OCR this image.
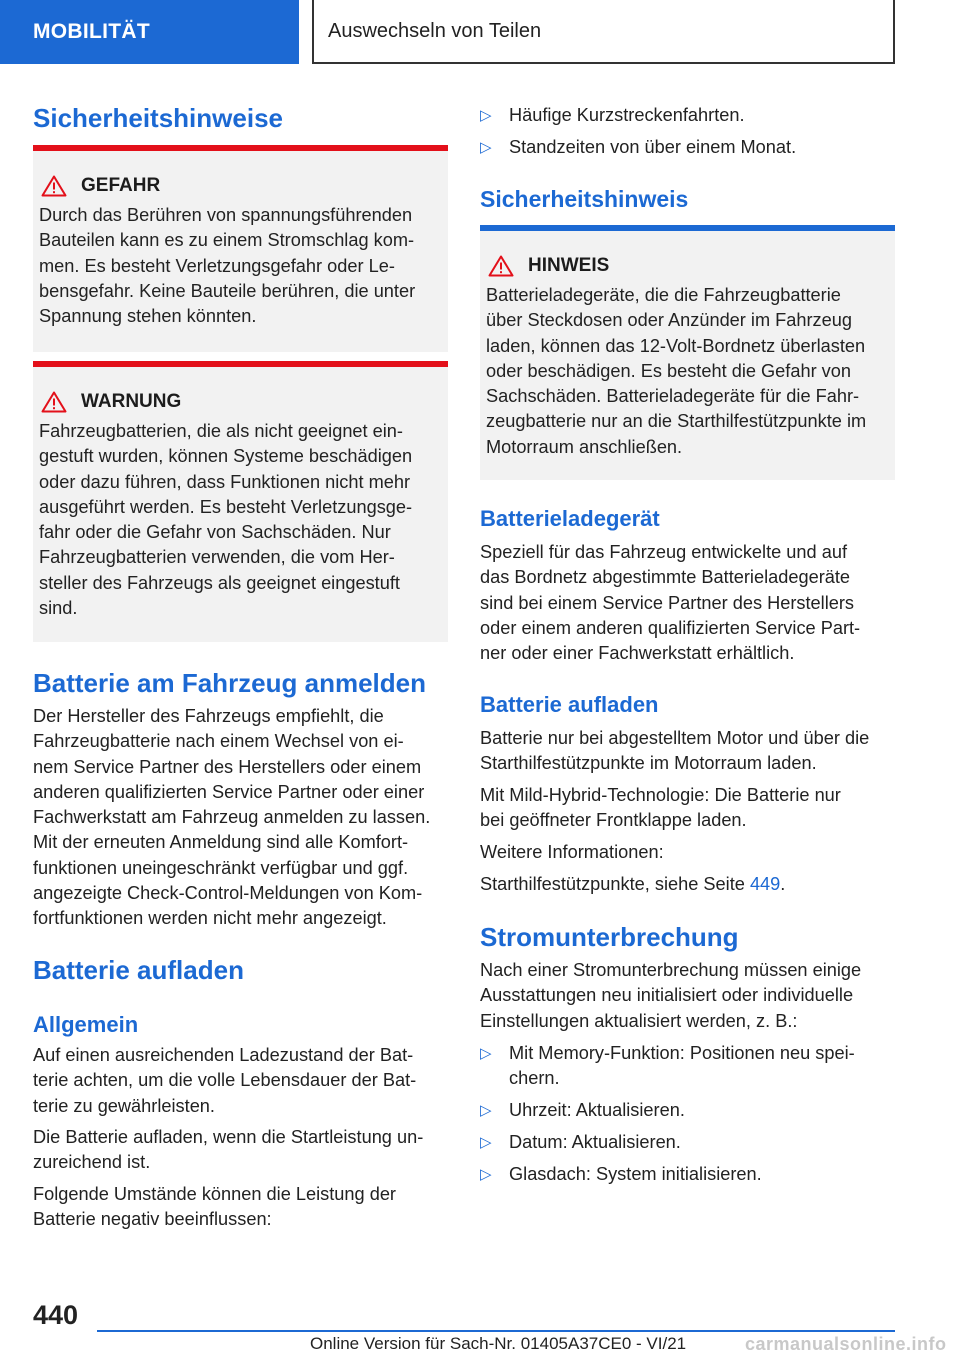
MOBILITÄT	Auswechseln von Teilen
Sicherheitshinweise
GEFAHR

Durch das Berühren von spannungsführenden
Bauteilen kann es zu einem Stromschlag kom-
men. Es besteht Verletzungsgefahr oder Le-
bensgefahr. Keine Bauteile berühren, die unter
Spannung stehen könnten.

WARNUNG

Fahrzeugbatterien, die als nicht geeignet ein-
gestuft wurden, können Systeme beschädigen
oder dazu führen, dass Funktionen nicht mehr
ausgeführt werden. Es besteht Verletzungsge-
fahr oder die Gefahr von Sachschäden. Nur
Fahrzeugbatterien verwenden, die vom Her-
steller des Fahrzeugs als geeignet eingestuft
sind.

Batterie am Fahrzeug anmelden

Der Hersteller des Fahrzeugs empfiehlt, die
Fahrzeugbatterie nach einem Wechsel von ei-
nem Service Partner des Herstellers oder einem
anderen qualifizierten Service Partner oder einer
Fachwerkstatt am Fahrzeug anmelden zu lassen.
Mit der erneuten Anmeldung sind alle Komfort-
funktionen uneingeschränkt verfügbar und ggf.
angezeigte Check-Control-Meldungen von Kom-
fortfunktionen werden nicht mehr angezeigt.

Batterie aufladen
Allgemein

Auf einen ausreichenden Ladezustand der Bat-
terie achten, um die volle Lebensdauer der Bat-
terie zu gewährleisten.

Die Batterie aufladen, wenn die Startleistung un-
zureichend ist.

Folgende Umstände können die Leistung der
Batterie negativ beeinflussen:

▷ Häufige Kurzstreckenfahrten.
▷ Standzeiten von über einem Monat.
Sicherheitshinweis
HINWEIS

Batterieladegeräte, die die Fahrzeugbatterie
über Steckdosen oder Anzünder im Fahrzeug
laden, können das 12-Volt-Bordnetz überlasten
oder beschädigen. Es besteht die Gefahr von
Sachschäden. Batterieladegeräte für die Fahr-
zeugbatterie nur an die Starthilfestützpunkte im
Motorraum anschließen.

Batterieladegerät

Speziell für das Fahrzeug entwickelte und auf
das Bordnetz abgestimmte Batterieladegeräte
sind bei einem Service Partner des Herstellers
oder einem anderen qualifizierten Service Part-
ner oder einer Fachwerkstatt erhältlich.

Batterie aufladen

Batterie nur bei abgestelltem Motor und über die
Starthilfestützpunkte im Motorraum laden.

Mit Mild-Hybrid-Technologie: Die Batterie nur
bei geöffneter Frontklappe laden.

Weitere Informationen:

Starthilfestützpunkte, siehe Seite 449.

Stromunterbrechung

Nach einer Stromunterbrechung müssen einige
Ausstattungen neu initialisiert oder individuelle
Einstellungen aktualisiert werden, z. B.:

▷ Mit Memory-Funktion: Positionen neu spei-
chern.
▷ Uhrzeit: Aktualisieren.
▷ Datum: Aktualisieren.
▷ Glasdach: System initialisieren.
440
Online Version für Sach-Nr. 01405A37CE0 - VI/21	carmanualsonline.info
